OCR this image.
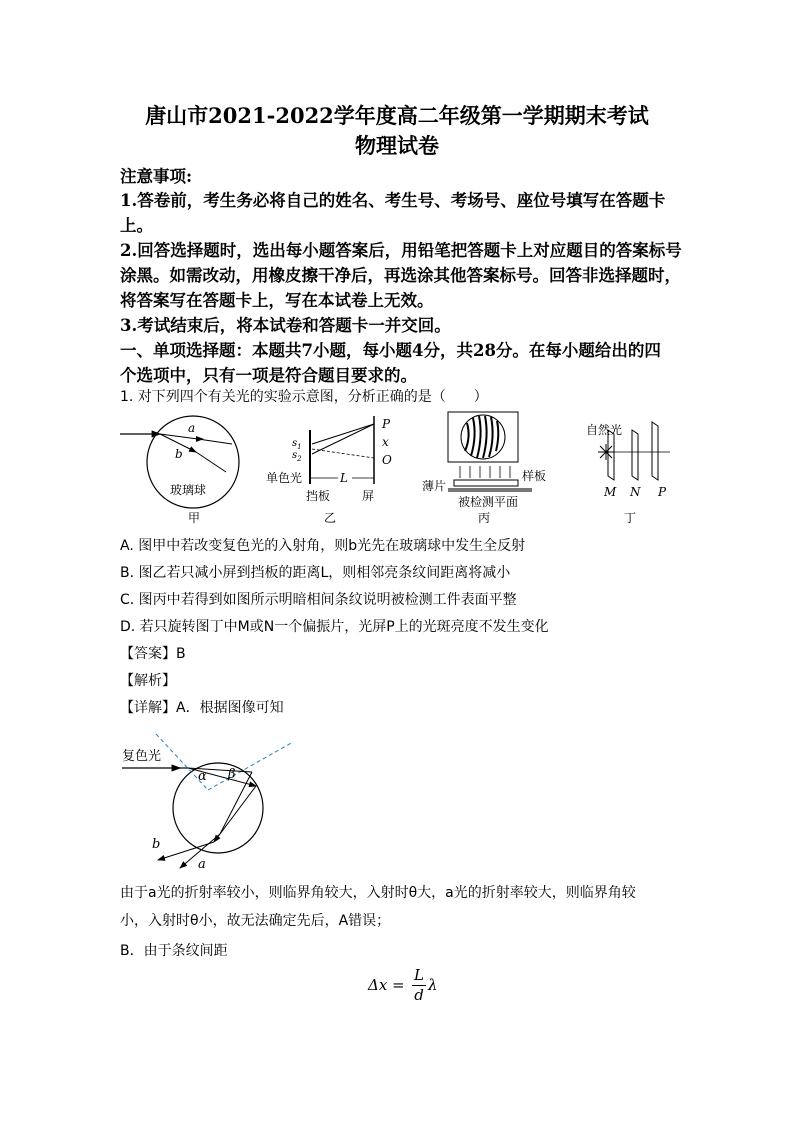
唐山市2021-2022学年度高二年级第一学期期末考试
物理试卷
注意事项:
1.答卷前，考生务必将自己的姓名、考生号、考场号、座位号填写在答题卡
上。
2.回答选择题时，选出每小题答案后，用铅笔把答题卡上对应题目的答案标号
涂黑。如需改动，用橡皮擦干净后，再选涂其他答案标号。回答非选择题时，
将答案写在答题卡上，写在本试卷上无效。
3.考试结束后，将本试卷和答题卡一并交回。
一、单项选择题：本题共7小题，每小题4分，共28分。在每小题给出的四
个选项中，只有一项是符合题目要求的。
1. 对下列四个有关光的实验示意图，分析正确的是（　　）
a
b
玻璃球
甲
$s_1$
$s_2$
P
x
O
L
单色光
挡板	屏
乙
薄片
样板
被检测平面
丙
自然光
M N P
丁
A. 图甲中若改变复色光的入射角，则b光先在玻璃球中发生全反射
B. 图乙若只减小屏到挡板的距离L，则相邻亮条纹间距离将减小
C. 图丙中若得到如图所示明暗相间条纹说明被检测工件表面平整
D. 若只旋转图丁中M或N一个偏振片，光屏P上的光斑亮度不发生变化
【答案】B
【解析】
【详解】A．根据图像可知
复色光
α β
b
a
由于a光的折射率较小，则临界角较大，入射时θ大，a光的折射率较大，则临界角较
小，入射时θ小，故无法确定先后，A错误；
B．由于条纹间距
Δx =
L
d
λ
